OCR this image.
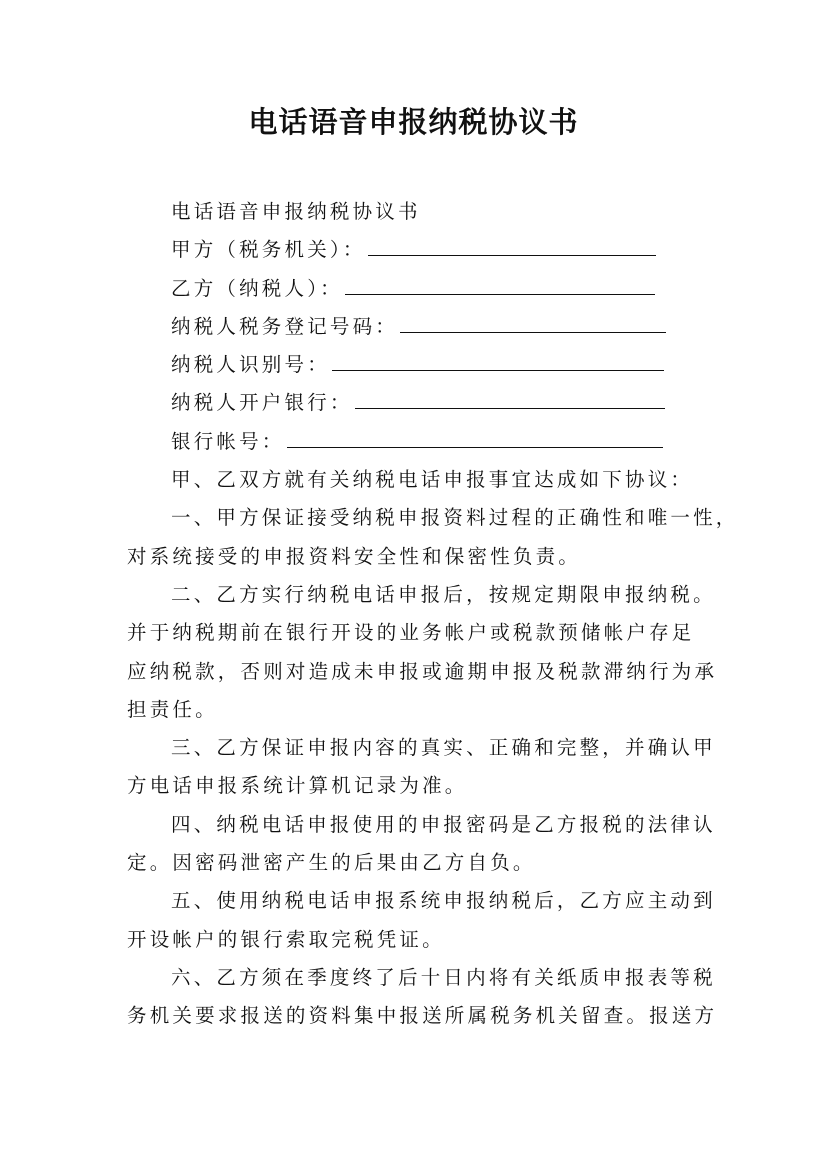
电话语音申报纳税协议书
电话语音申报纳税协议书
甲方（税务机关）：
乙方（纳税人）：
纳税人税务登记号码：
纳税人识别号：
纳税人开户银行：
银行帐号：
甲、乙双方就有关纳税电话申报事宜达成如下协议：
一、甲方保证接受纳税申报资料过程的正确性和唯一性，
对系统接受的申报资料安全性和保密性负责。
二、乙方实行纳税电话申报后，按规定期限申报纳税。
并于纳税期前在银行开设的业务帐户或税款预储帐户存足
应纳税款，否则对造成未申报或逾期申报及税款滞纳行为承
担责任。
三、乙方保证申报内容的真实、正确和完整，并确认甲
方电话申报系统计算机记录为准。
四、纳税电话申报使用的申报密码是乙方报税的法律认
定。因密码泄密产生的后果由乙方自负。
五、使用纳税电话申报系统申报纳税后，乙方应主动到
开设帐户的银行索取完税凭证。
六、乙方须在季度终了后十日内将有关纸质申报表等税
务机关要求报送的资料集中报送所属税务机关留查。报送方
